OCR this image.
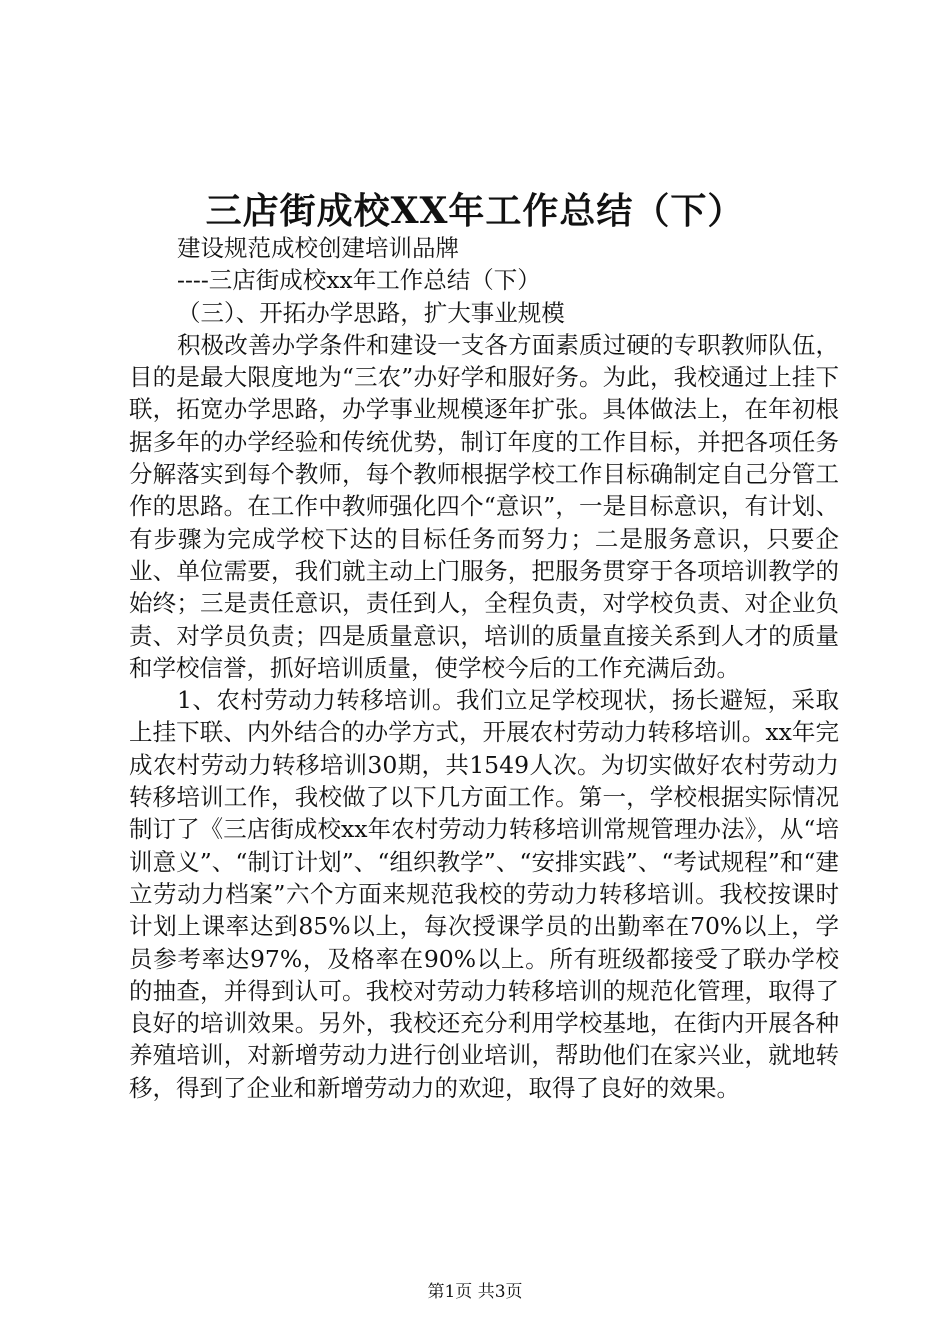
三店街成校XX年工作总结（下）
建设规范成校创建培训品牌
----三店街成校xx年工作总结（下）
（三）、开拓办学思路，扩大事业规模

积极改善办学条件和建设一支各方面素质过硬的专职教师队伍，目的是最大限度地为“三农”办好学和服好务。为此，我校通过上挂下联，拓宽办学思路，办学事业规模逐年扩张。具体做法上，在年初根据多年的办学经验和传统优势，制订年度的工作目标，并把各项任务分解落实到每个教师，每个教师根据学校工作目标确制定自己分管工作的思路。在工作中教师强化四个“意识”，一是目标意识，有计划、有步骤为完成学校下达的目标任务而努力；二是服务意识，只要企业、单位需要，我们就主动上门服务，把服务贯穿于各项培训教学的始终；三是责任意识，责任到人，全程负责，对学校负责、对企业负责、对学员负责；四是质量意识，培训的质量直接关系到人才的质量和学校信誉，抓好培训质量，使学校今后的工作充满后劲。

1、农村劳动力转移培训。我们立足学校现状，扬长避短，采取上挂下联、内外结合的办学方式，开展农村劳动力转移培训。xx年完成农村劳动力转移培训30期，共1549人次。为切实做好农村劳动力转移培训工作，我校做了以下几方面工作。第一，学校根据实际情况制订了《三店街成校xx年农村劳动力转移培训常规管理办法》，从“培训意义”、“制订计划”、“组织教学”、“安排实践”、“考试规程”和“建立劳动力档案”六个方面来规范我校的劳动力转移培训。我校按课时计划上课率达到85%以上，每次授课学员的出勤率在70%以上，学员参考率达97%，及格率在90%以上。所有班级都接受了联办学校的抽查，并得到认可。我校对劳动力转移培训的规范化管理，取得了良好的培训效果。另外，我校还充分利用学校基地，在街内开展各种养殖培训，对新增劳动力进行创业培训，帮助他们在家兴业，就地转移，得到了企业和新增劳动力的欢迎，取得了良好的效果。

第1页 共3页
